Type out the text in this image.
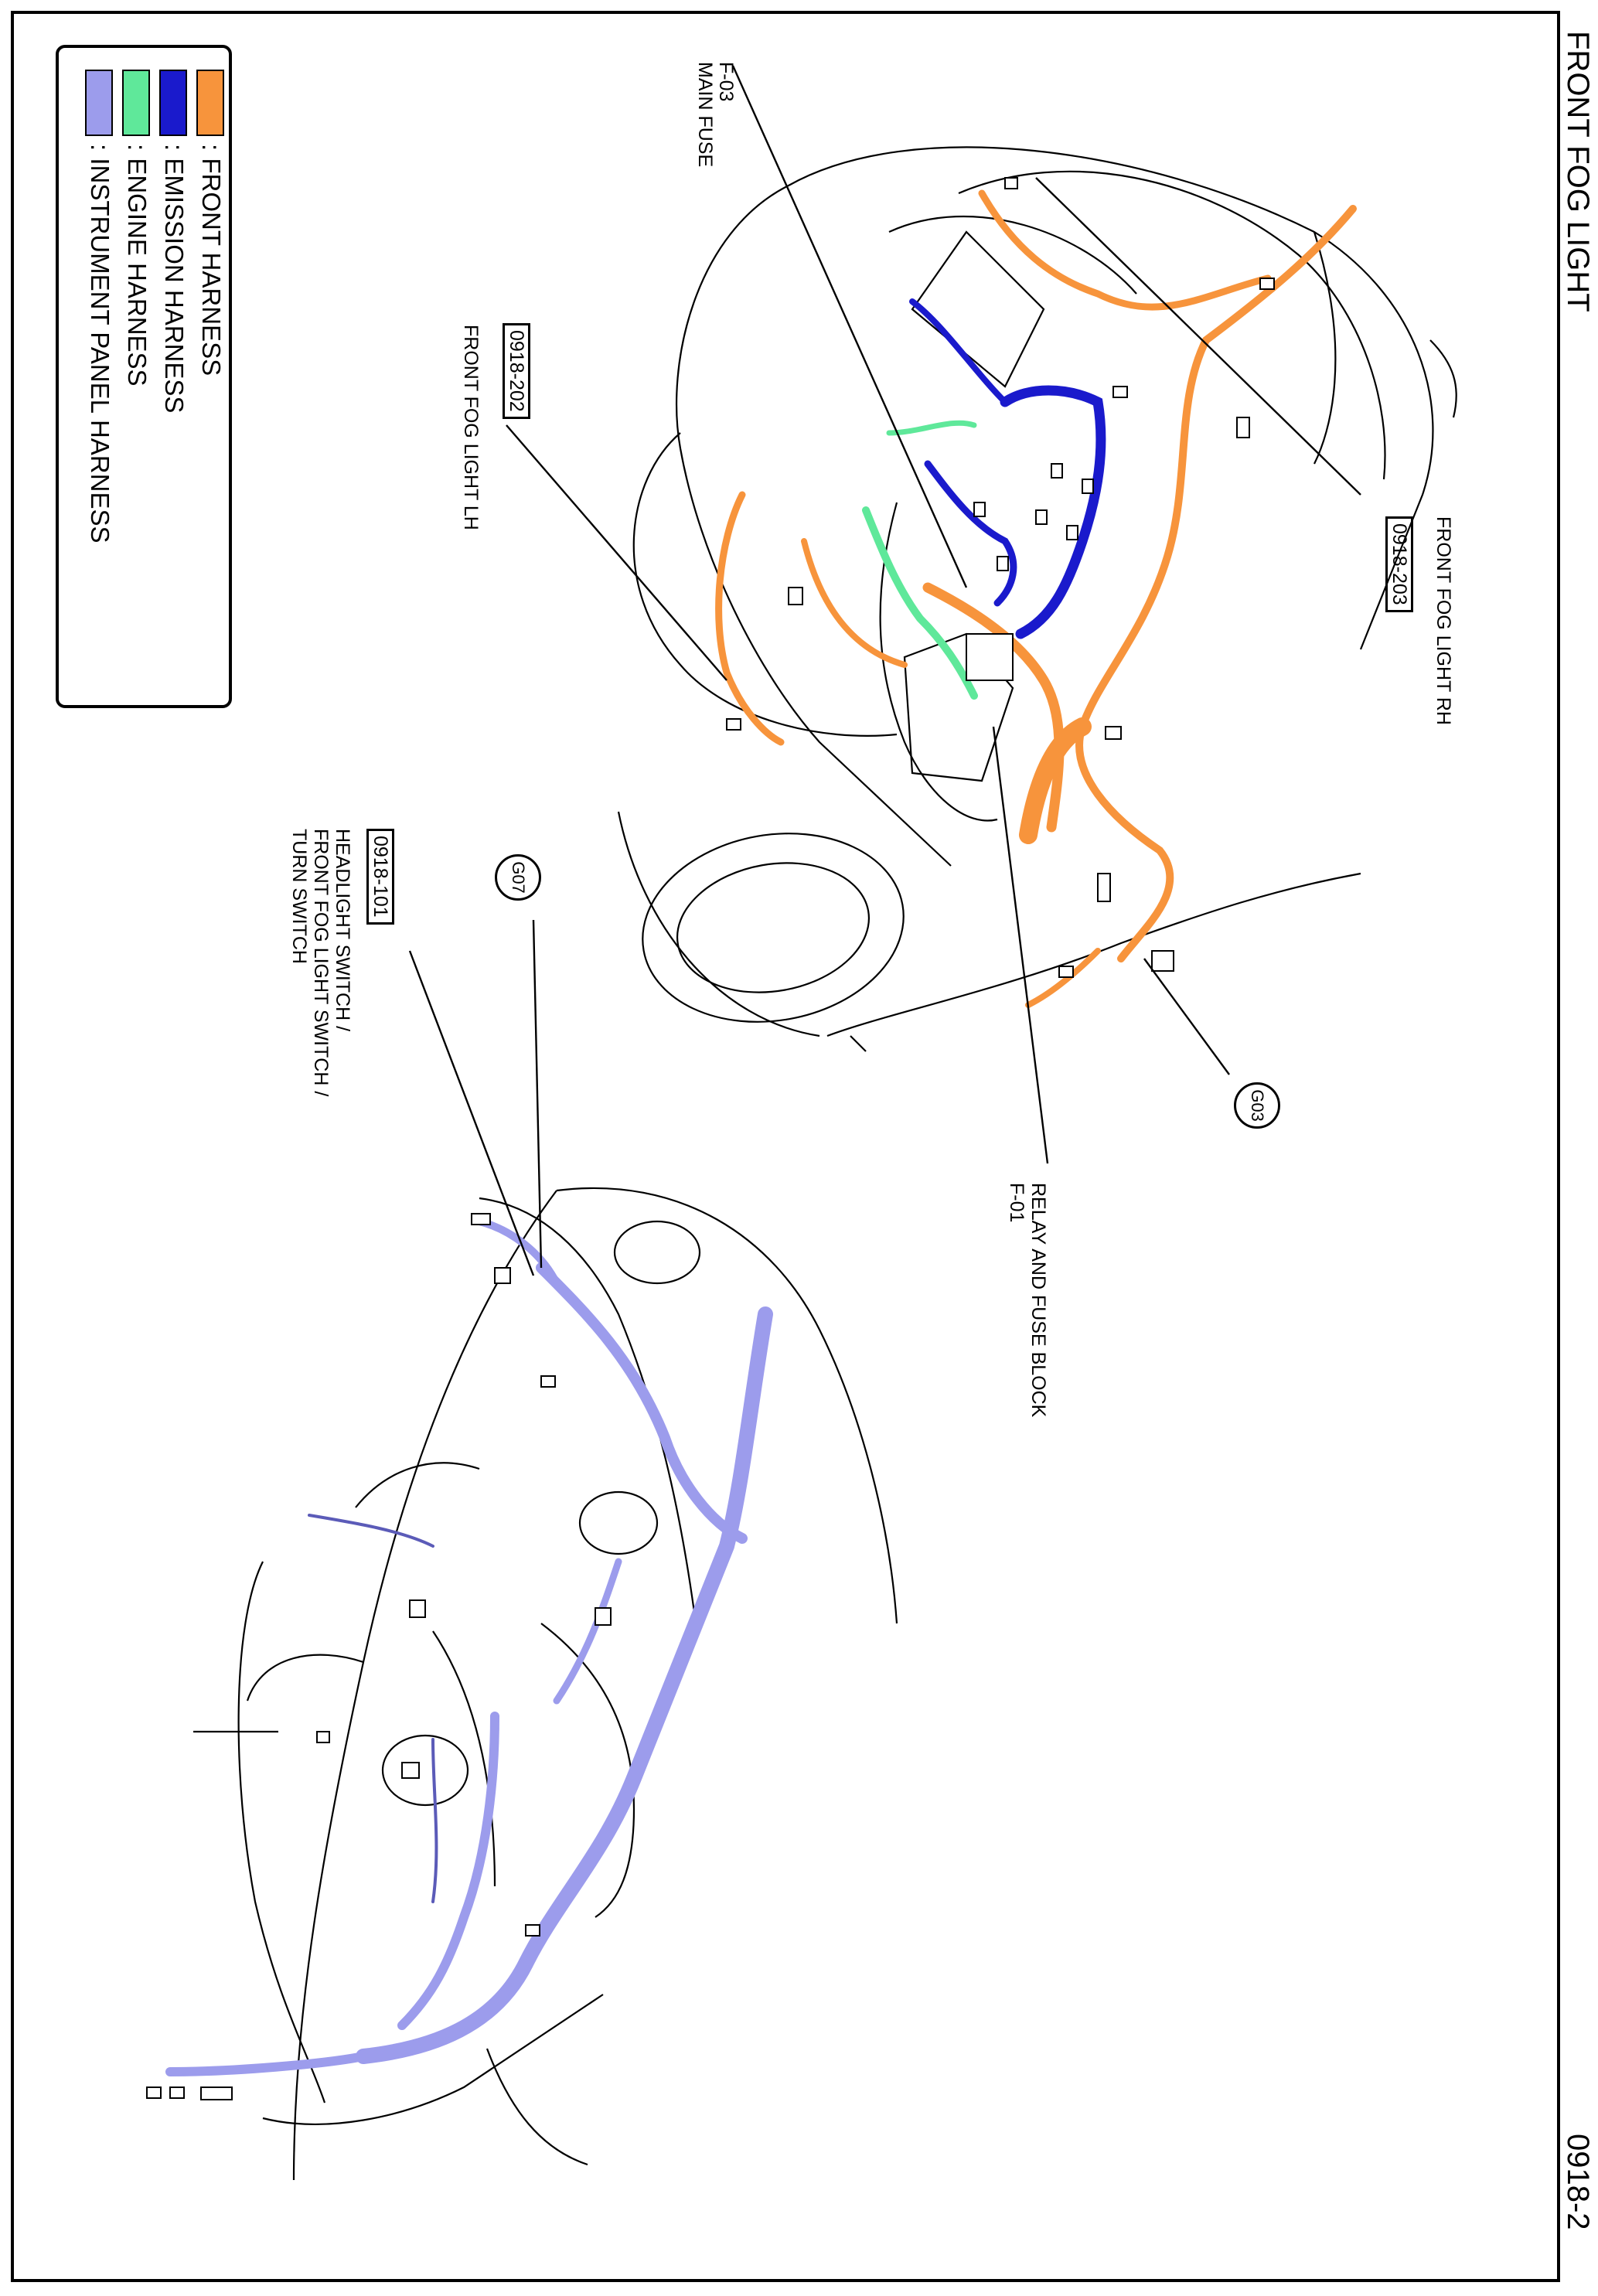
: FRONT HARNESS
: EMISSION HARNESS
: ENGINE HARNESS
: INSTRUMENT PANEL HARNESS	FRONT FOG LIGHT
0918-2
F-03
MAIN FUSE
0918-202
FRONT FOG LIGHT LH
FRONT FOG LIGHT RH
0918-203
G07
G03
0918-101
HEADLIGHT SWITCH /
FRONT FOG LIGHT SWITCH /
TURN SWITCH
RELAY AND FUSE BLOCK
F-01
